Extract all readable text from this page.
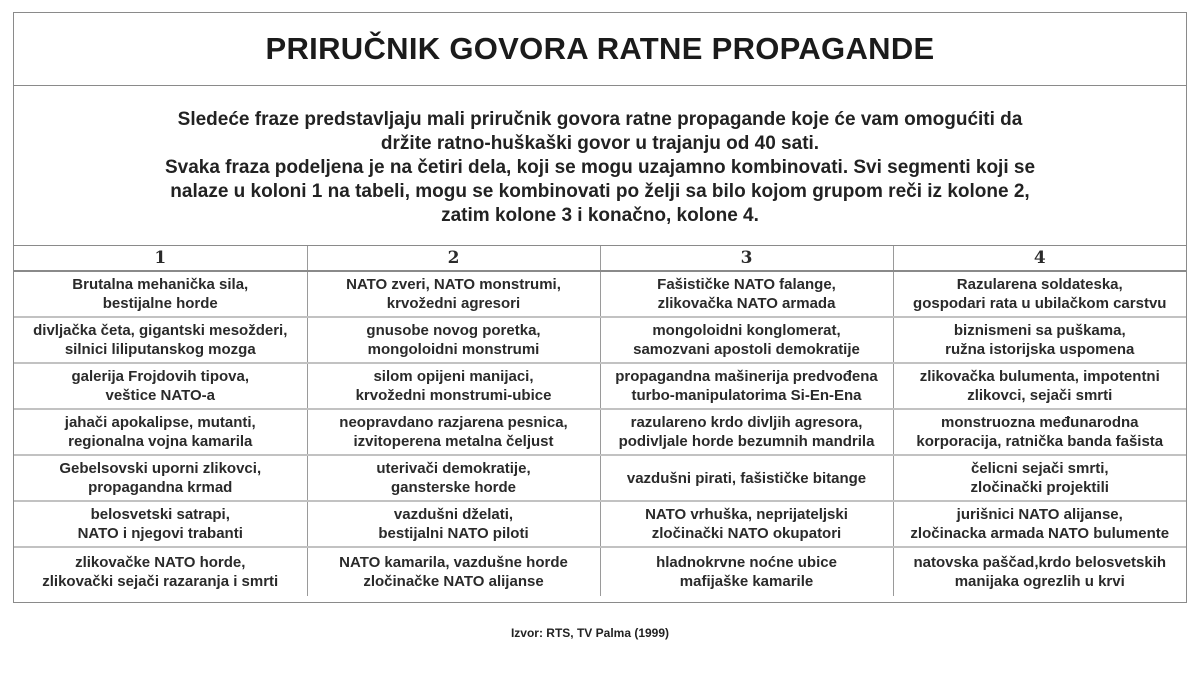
PRIRUČNIK GOVORA RATNE PROPAGANDE

Sledeće fraze predstavljaju mali priručnik govora ratne propagande koje će vam omogućiti da

držite ratno-huškaški govor u trajanju od 40 sati.

Svaka fraza podeljena je na četiri dela, koji se mogu uzajamno kombinovati. Svi segmenti koji se

nalaze u koloni 1 na tabeli, mogu se kombinovati po želji sa bilo kojom grupom reči iz kolone 2,

zatim kolone 3 i konačno, kolone 4.

1	2	3	4

Brutalna mehanička sila,
bestijalne horde	NATO zveri, NATO monstrumi,
krvožedni agresori	Fašističke NATO falange,
zlikovačka NATO armada	Razularena soldateska,
gospodari rata u ubilačkom carstvu

divljačka četa, gigantski mesožderi,
silnici liliputanskog mozga	gnusobe novog poretka,
mongoloidni monstrumi	mongoloidni konglomerat,
samozvani apostoli demokratije	biznismeni sa puškama,
ružna istorijska uspomena

galerija Frojdovih tipova,
veštice NATO-a	silom opijeni manijaci,
krvožedni monstrumi-ubice	propagandna mašinerija predvođena
turbo-manipulatorima Si-En-Ena	zlikovačka bulumenta, impotentni
zlikovci, sejači smrti

jahači apokalipse, mutanti,
regionalna vojna kamarila	neopravdano razjarena pesnica,
izvitoperena metalna čeljust	razulareno krdo divljih agresora,
podivljale horde bezumnih mandrila	monstruozna međunarodna
korporacija, ratnička banda fašista

Gebelsovski uporni zlikovci,
propagandna krmad	uterivači demokratije,
gansterske horde	vazdušni pirati, fašističke bitange	čelicni sejači smrti,
zločinački projektili

belosvetski satrapi,
NATO i njegovi trabanti	vazdušni dželati,
bestijalni NATO piloti	NATO vrhuška, neprijateljski
zločinački NATO okupatori	jurišnici NATO alijanse,
zločinacka armada NATO bulumente

zlikovačke NATO horde,
zlikovački sejači razaranja i smrti	NATO kamarila, vazdušne horde
zločinačke NATO alijanse	hladnokrvne noćne ubice
mafijaške kamarile	natovska paščad,krdo belosvetskih
manijaka ogrezlih u krvi
Izvor: RTS, TV Palma (1999)
